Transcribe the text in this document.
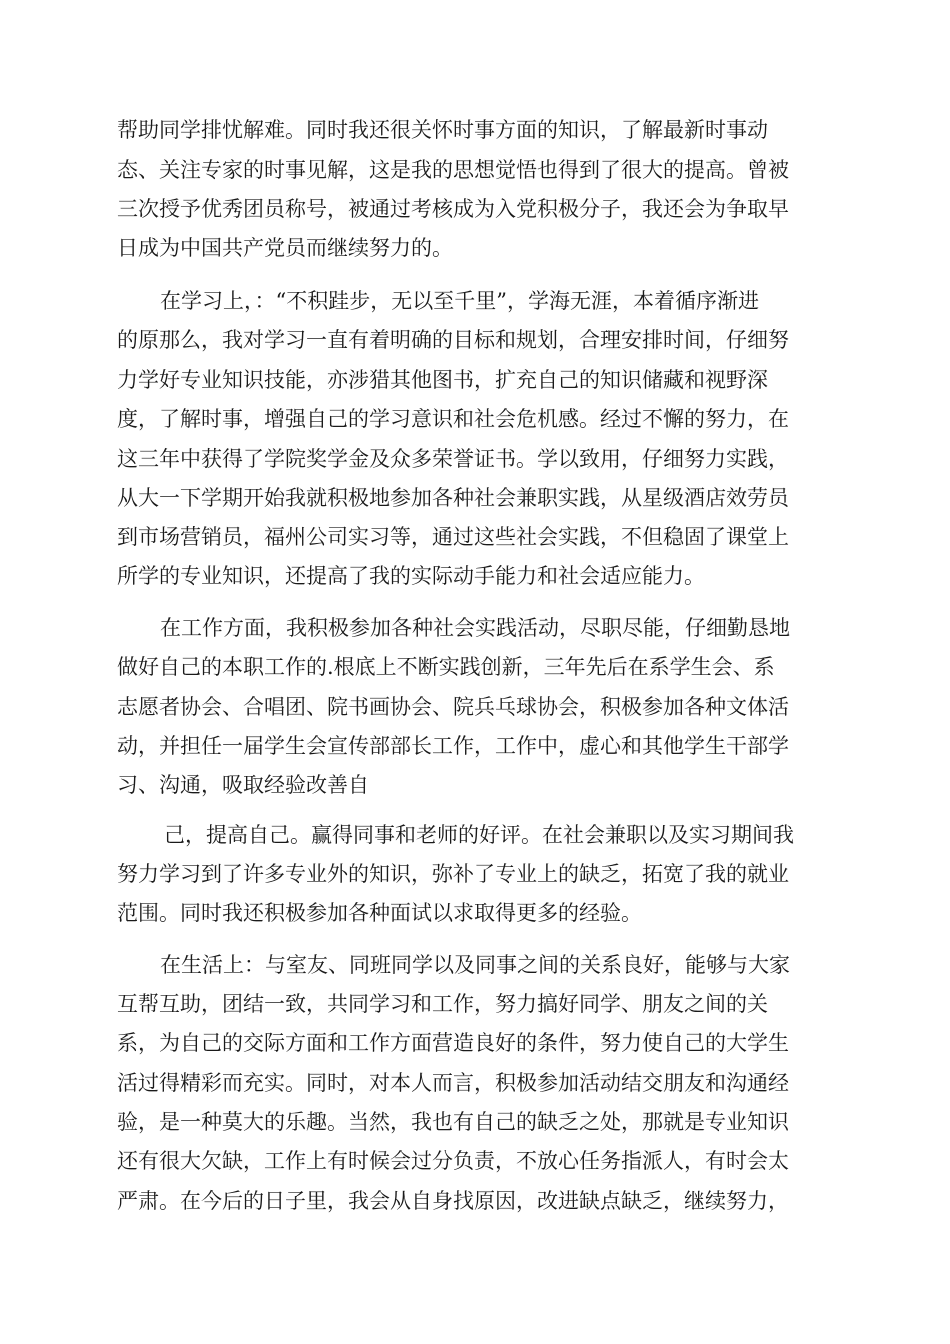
帮助同学排忧解难。同时我还很关怀时事方面的知识，了解最新时事动
态、关注专家的时事见解，这是我的思想觉悟也得到了很大的提高。曾被
三次授予优秀团员称号，被通过考核成为入党积极分子，我还会为争取早
日成为中国共产党员而继续努力的。
在学习上，：“不积跬步，无以至千里”，学海无涯，本着循序渐进
的原那么，我对学习一直有着明确的目标和规划，合理安排时间，仔细努
力学好专业知识技能，亦涉猎其他图书，扩充自己的知识储藏和视野深
度，了解时事，增强自己的学习意识和社会危机感。经过不懈的努力，在
这三年中获得了学院奖学金及众多荣誉证书。学以致用，仔细努力实践，
从大一下学期开始我就积极地参加各种社会兼职实践，从星级酒店效劳员
到市场营销员，福州公司实习等，通过这些社会实践，不但稳固了课堂上
所学的专业知识，还提高了我的实际动手能力和社会适应能力。
在工作方面，我积极参加各种社会实践活动，尽职尽能，仔细勤恳地
做好自己的本职工作的.根底上不断实践创新，三年先后在系学生会、系
志愿者协会、合唱团、院书画协会、院兵乓球协会，积极参加各种文体活
动，并担任一届学生会宣传部部长工作，工作中，虚心和其他学生干部学
习、沟通，吸取经验改善自
己，提高自己。赢得同事和老师的好评。在社会兼职以及实习期间我
努力学习到了许多专业外的知识，弥补了专业上的缺乏，拓宽了我的就业
范围。同时我还积极参加各种面试以求取得更多的经验。
在生活上：与室友、同班同学以及同事之间的关系良好，能够与大家
互帮互助，团结一致，共同学习和工作，努力搞好同学、朋友之间的关
系，为自己的交际方面和工作方面营造良好的条件，努力使自己的大学生
活过得精彩而充实。同时，对本人而言，积极参加活动结交朋友和沟通经
验，是一种莫大的乐趣。当然，我也有自己的缺乏之处，那就是专业知识
还有很大欠缺，工作上有时候会过分负责，不放心任务指派人，有时会太
严肃。在今后的日子里，我会从自身找原因，改进缺点缺乏，继续努力，
